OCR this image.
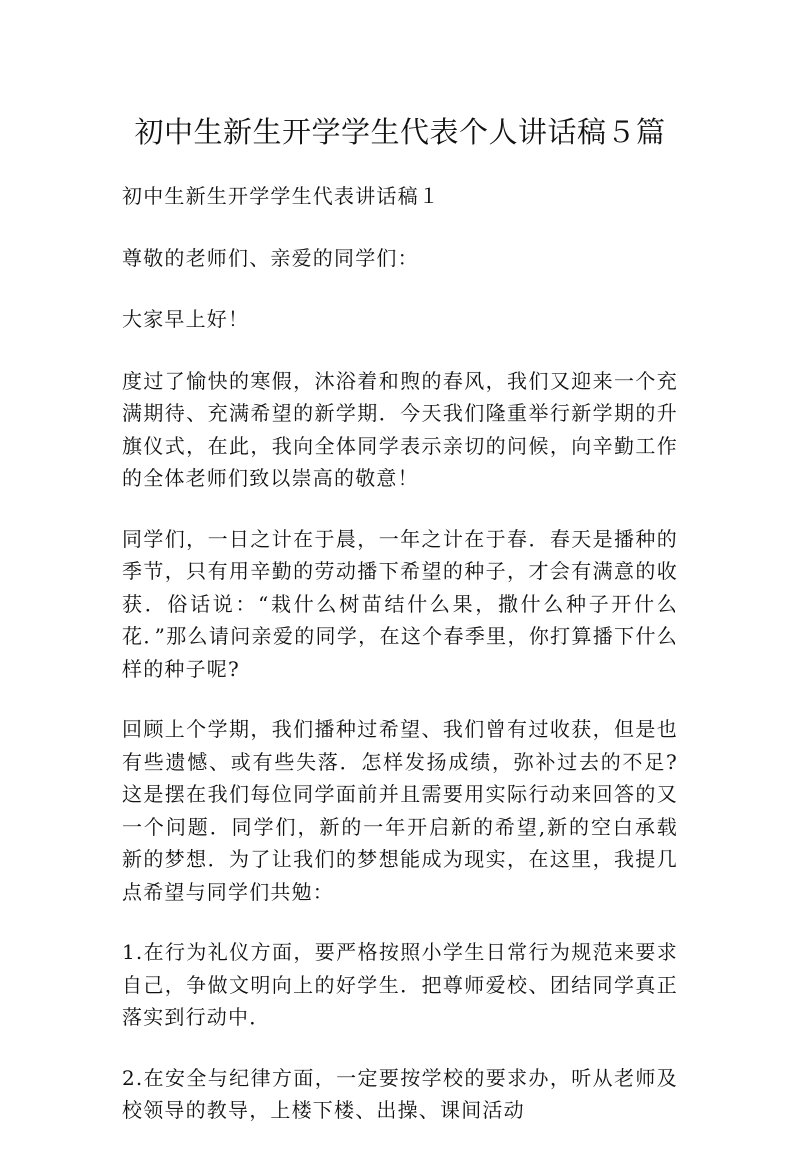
初中生新生开学学生代表个人讲话稿５篇

初中生新生开学学生代表讲话稿１

尊敬的老师们、亲爱的同学们：

大家早上好！

度过了愉快的寒假，沐浴着和煦的春风，我们又迎来一个充满期待、充满希望的新学期．今天我们隆重举行新学期的升旗仪式，在此，我向全体同学表示亲切的问候，向辛勤工作的全体老师们致以崇高的敬意！

同学们，一日之计在于晨，一年之计在于春．春天是播种的季节，只有用辛勤的劳动播下希望的种子，才会有满意的收获．俗话说：“栽什么树苗结什么果，撒什么种子开什么花．”那么请问亲爱的同学，在这个春季里，你打算播下什么样的种子呢?

回顾上个学期，我们播种过希望、我们曾有过收获，但是也有些遗憾、或有些失落．怎样发扬成绩，弥补过去的不足?这是摆在我们每位同学面前并且需要用实际行动来回答的又一个问题．同学们，新的一年开启新的希望,新的空白承载新的梦想．为了让我们的梦想能成为现实，在这里，我提几点希望与同学们共勉：

1.在行为礼仪方面，要严格按照小学生日常行为规范来要求自己，争做文明向上的好学生．把尊师爱校、团结同学真正落实到行动中．

2.在安全与纪律方面，一定要按学校的要求办，听从老师及校领导的教导，上楼下楼、出操、课间活动
